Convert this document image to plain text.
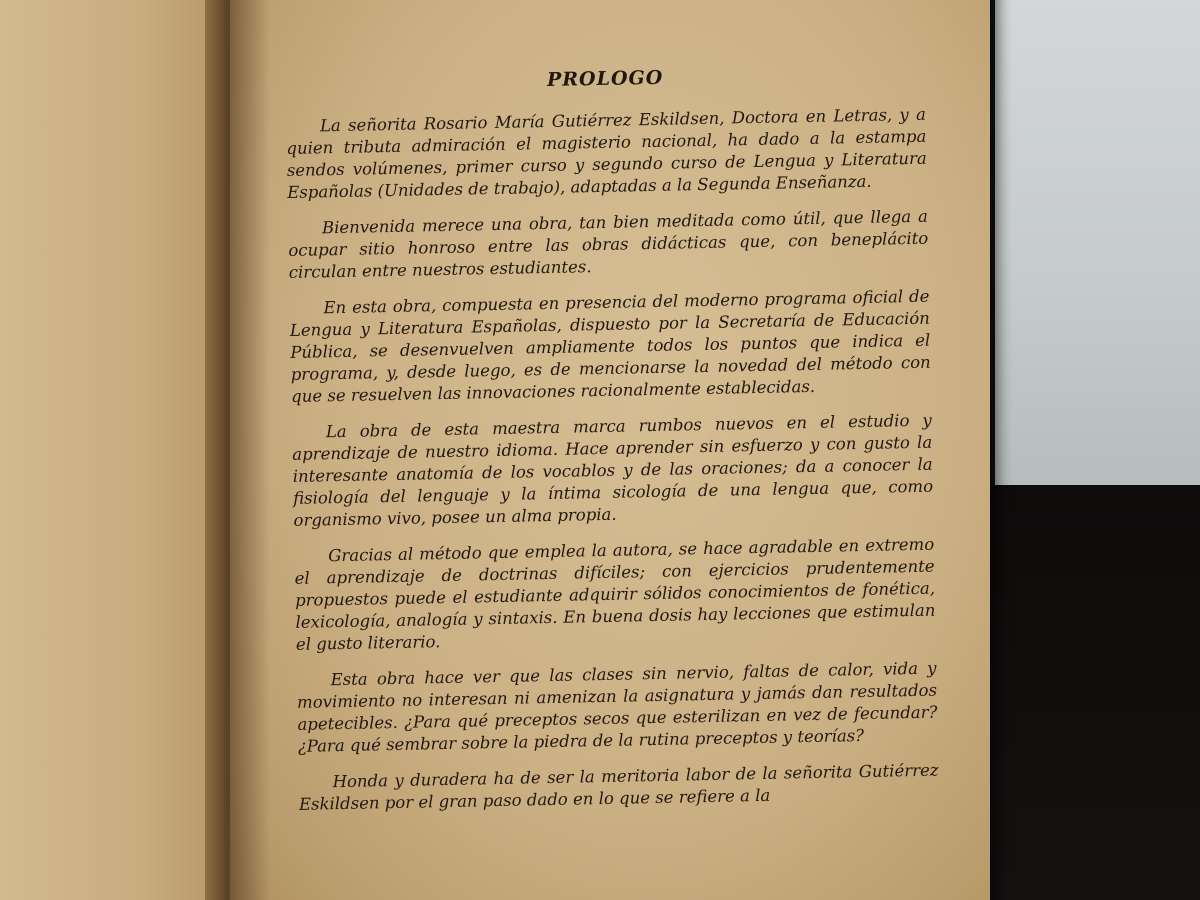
PROLOGO

La señorita Rosario María Gutiérrez Eskildsen, Doctora en Letras, y a quien tributa admiración el magisterio nacional, ha dado a la estampa sendos volúmenes, primer curso y segundo curso de Lengua y Literatura Españolas (Unidades de trabajo), adaptadas a la Segunda Enseñanza.

Bienvenida merece una obra, tan bien meditada como útil, que llega a ocupar sitio honroso entre las obras didácticas que, con beneplácito circulan entre nuestros estudiantes.

En esta obra, compuesta en presencia del moderno programa oficial de Lengua y Literatura Españolas, dispuesto por la Secretaría de Educación Pública, se desenvuelven ampliamente todos los puntos que indica el programa, y, desde luego, es de mencionarse la novedad del método con que se resuelven las innovaciones racionalmente establecidas.

La obra de esta maestra marca rumbos nuevos en el estudio y aprendizaje de nuestro idioma. Hace aprender sin esfuerzo y con gusto la interesante anatomía de los vocablos y de las oraciones; da a conocer la fisiología del lenguaje y la íntima sicología de una lengua que, como organismo vivo, posee un alma propia.

Gracias al método que emplea la autora, se hace agradable en extremo el aprendizaje de doctrinas difíciles; con ejercicios prudentemente propuestos puede el estudiante adquirir sólidos conocimientos de fonética, lexicología, analogía y sintaxis. En buena dosis hay lecciones que estimulan el gusto literario.

Esta obra hace ver que las clases sin nervio, faltas de calor, vida y movimiento no interesan ni amenizan la asignatura y jamás dan resultados apetecibles. ¿Para qué preceptos secos que esterilizan en vez de fecundar? ¿Para qué sembrar sobre la piedra de la rutina preceptos y teorías?

Honda y duradera ha de ser la meritoria labor de la señorita Gutiérrez Eskildsen por el gran paso dado en lo que se refiere a la
